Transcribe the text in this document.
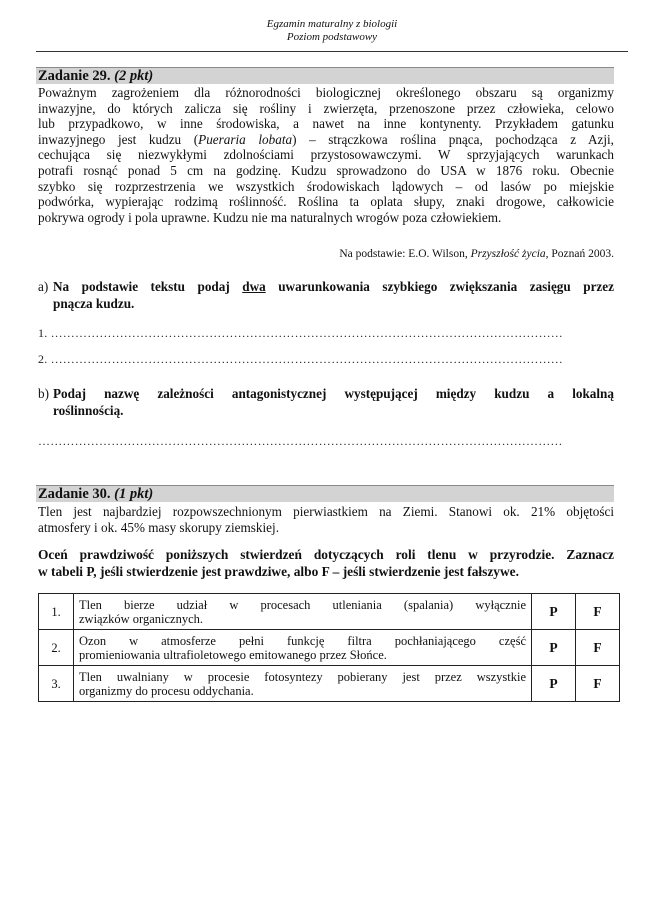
Egzamin maturalny z biologii
Poziom podstawowy
Zadanie 29. (2 pkt)

Poważnym zagrożeniem dla różnorodności biologicznej określonego obszaru są organizmy

inwazyjne, do których zalicza się rośliny i zwierzęta, przenoszone przez człowieka, celowo

lub przypadkowo, w inne środowiska, a nawet na inne kontynenty. Przykładem gatunku

inwazyjnego jest kudzu (Pueraria lobata) – strączkowa roślina pnąca, pochodząca z Azji,

cechująca się niezwykłymi zdolnościami przystosowawczymi. W sprzyjających warunkach

potrafi rosnąć ponad 5 cm na godzinę. Kudzu sprowadzono do USA w 1876 roku. Obecnie

szybko się rozprzestrzenia we wszystkich środowiskach lądowych – od lasów po miejskie

podwórka, wypierając rodzimą roślinność. Roślina ta oplata słupy, znaki drogowe, całkowicie

pokrywa ogrody i pola uprawne. Kudzu nie ma naturalnych wrogów poza człowiekiem.

Na podstawie: E.O. Wilson, Przyszłość życia, Poznań 2003.
a) Na podstawie tekstu podaj dwa uwarunkowania szybkiego zwiększania zasięgu przez

pnącza kudzu.

1. ………………………………………………………………………………………………………………
2. ………………………………………………………………………………………………………………
b) Podaj nazwę zależności antagonistycznej występującej między kudzu a lokalną

roślinnością.

…………………………………………………………………………………………………………………
Zadanie 30. (1 pkt)

Tlen jest najbardziej rozpowszechnionym pierwiastkiem na Ziemi. Stanowi ok. 21% objętości

atmosfery i ok. 45% masy skorupy ziemskiej.

Oceń prawdziwość poniższych stwierdzeń dotyczących roli tlenu w przyrodzie. Zaznacz

w tabeli P, jeśli stwierdzenie jest prawdziwe, albo F – jeśli stwierdzenie jest fałszywe.

1.	Tlen bierze udział w procesach utleniania (spalania) wyłącznie

związków organicznych.	P	F
2.	Ozon w atmosferze pełni funkcję filtra pochłaniającego część

promieniowania ultrafioletowego emitowanego przez Słońce.	P	F
3.	Tlen uwalniany w procesie fotosyntezy pobierany jest przez wszystkie

organizmy do procesu oddychania.	P	F
